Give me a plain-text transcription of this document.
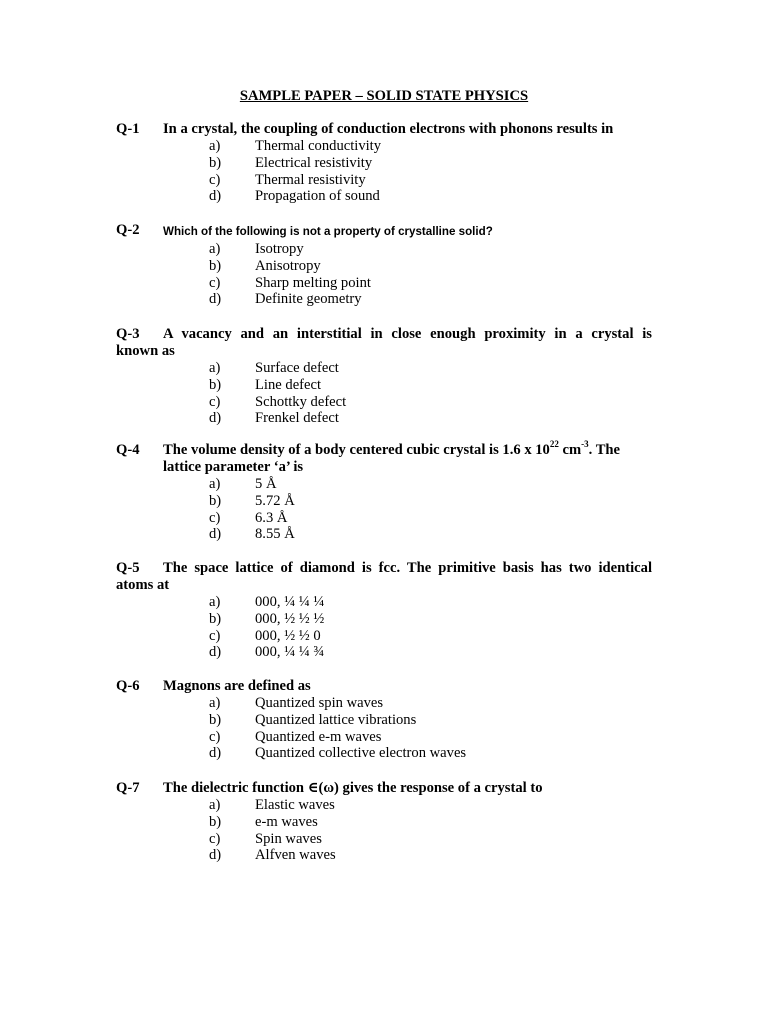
SAMPLE PAPER – SOLID STATE PHYSICS
Q-1 In a crystal, the coupling of conduction electrons with phonons results in
a) Thermal conductivity
b) Electrical resistivity
c) Thermal resistivity
d) Propagation of sound
Q-2 Which of the following is not a property of crystalline solid?
a) Isotropy
b) Anisotropy
c) Sharp melting point
d) Definite geometry
Q-3 A vacancy and an interstitial in close enough proximity in a crystal is
known as
a) Surface defect
b) Line defect
c) Schottky defect
d) Frenkel defect
Q-4 The volume density of a body centered cubic crystal is 1.6 x $10^{22}$ $cm^{-3}$. The
lattice parameter ‘a’ is
a) 5 Å
b) 5.72 Å
c) 6.3 Å
d) 8.55 Å
Q-5 The space lattice of diamond is fcc. The primitive basis has two identical
atoms at
a) 000, ¼ ¼ ¼
b) 000, ½ ½ ½
c) 000, ½ ½ 0
d) 000, ¼ ¼ ¾
Q-6 Magnons are defined as
a) Quantized spin waves
b) Quantized lattice vibrations
c) Quantized e-m waves
d) Quantized collective electron waves
Q-7 The dielectric function ∈(ω) gives the response of a crystal to
a) Elastic waves
b) e-m waves
c) Spin waves
d) Alfven waves
